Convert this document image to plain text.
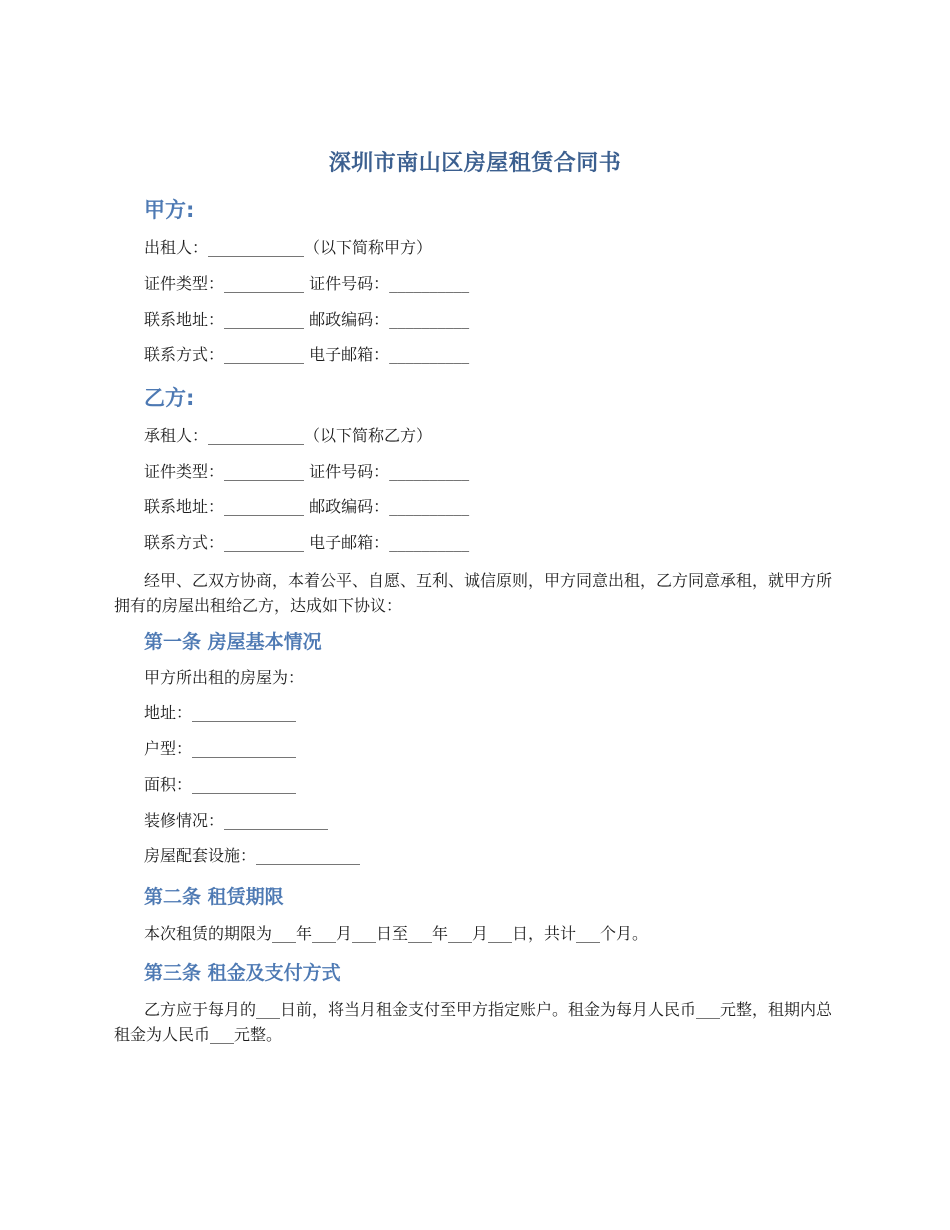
深圳市南山区房屋租赁合同书
甲方:

出租人：____________（以下简称甲方）

证件类型：__________ 证件号码：__________

联系地址：__________ 邮政编码：__________

联系方式：__________ 电子邮箱：__________

乙方:

承租人：____________（以下简称乙方）

证件类型：__________ 证件号码：__________

联系地址：__________ 邮政编码：__________

联系方式：__________ 电子邮箱：__________

经甲、乙双方协商，本着公平、自愿、互利、诚信原则，甲方同意出租，乙方同意承租，就甲方所拥有的房屋出租给乙方，达成如下协议：

第一条 房屋基本情况

甲方所出租的房屋为：

地址：_____________

户型：_____________

面积：_____________

装修情况：_____________

房屋配套设施：_____________

第二条 租赁期限

本次租赁的期限为___年___月___日至___年___月___日，共计___个月。

第三条 租金及支付方式

乙方应于每月的___日前，将当月租金支付至甲方指定账户。租金为每月人民币___元整，租期内总租金为人民币___元整。
